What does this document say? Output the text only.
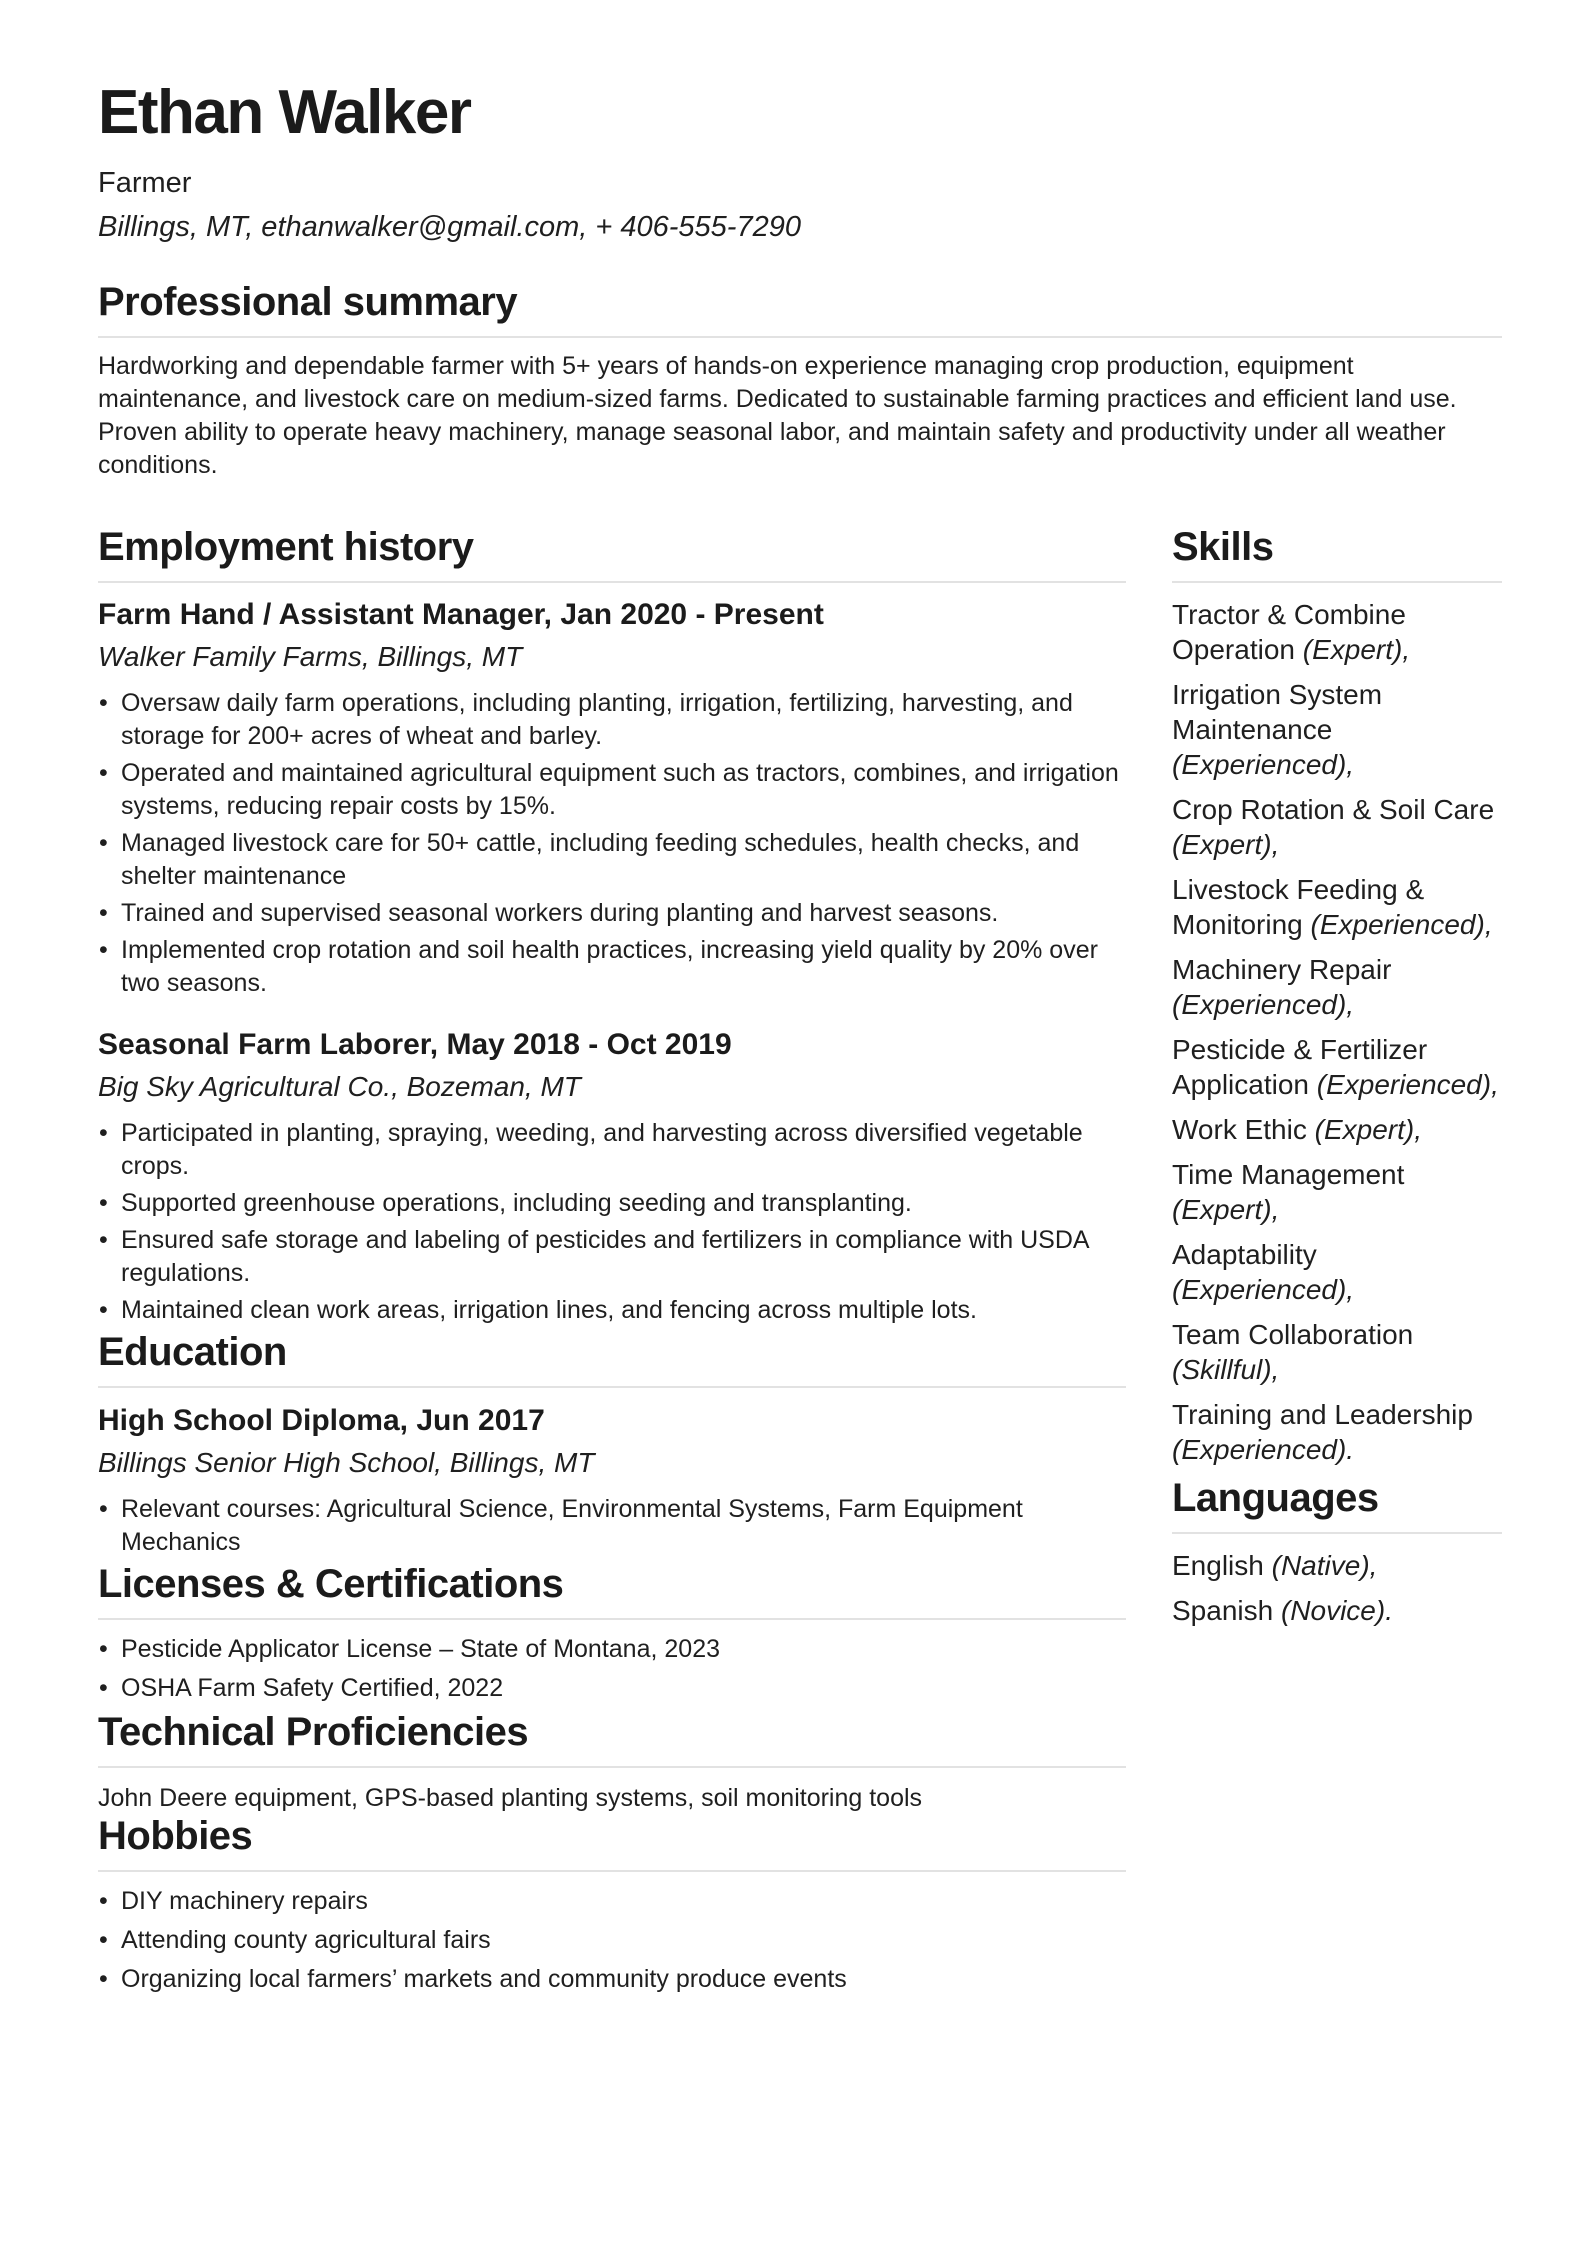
Ethan Walker

Farmer

Billings, MT, ethanwalker@gmail.com, + 406-555-7290

Professional summary

Hardworking and dependable farmer with 5+ years of hands-on experience managing crop production, equipment maintenance, and livestock care on medium-sized farms. Dedicated to sustainable farming practices and efficient land use. Proven ability to operate heavy machinery, manage seasonal labor, and maintain safety and productivity under all weather conditions.

Employment history
Farm Hand / Assistant Manager, Jan 2020 - Present

Walker Family Farms, Billings, MT

• Oversaw daily farm operations, including planting, irrigation, fertilizing, harvesting, and storage for 200+ acres of wheat and barley.
• Operated and maintained agricultural equipment such as tractors, combines, and irrigation systems, reducing repair costs by 15%.
• Managed livestock care for 50+ cattle, including feeding schedules, health checks, and shelter maintenance
• Trained and supervised seasonal workers during planting and harvest seasons.
• Implemented crop rotation and soil health practices, increasing yield quality by 20% over two seasons.
Seasonal Farm Laborer, May 2018 - Oct 2019

Big Sky Agricultural Co., Bozeman, MT

• Participated in planting, spraying, weeding, and harvesting across diversified vegetable crops.
• Supported greenhouse operations, including seeding and transplanting.
• Ensured safe storage and labeling of pesticides and fertilizers in compliance with USDA regulations.
• Maintained clean work areas, irrigation lines, and fencing across multiple lots.
Education
High School Diploma, Jun 2017

Billings Senior High School, Billings, MT

• Relevant courses: Agricultural Science, Environmental Systems, Farm Equipment Mechanics
Licenses & Certifications
• Pesticide Applicator License – State of Montana, 2023
• OSHA Farm Safety Certified, 2022
Technical Proficiencies

John Deere equipment, GPS-based planting systems, soil monitoring tools

Hobbies
• DIY machinery repairs
• Attending county agricultural fairs
• Organizing local farmers’ markets and community produce events
Skills

Tractor & Combine Operation (Expert),

Irrigation System Maintenance (Experienced),

Crop Rotation & Soil Care (Expert),

Livestock Feeding & Monitoring (Experienced),

Machinery Repair (Experienced),

Pesticide & Fertilizer Application (Experienced),

Work Ethic (Expert),

Time Management (Expert),

Adaptability (Experienced),

Team Collaboration (Skillful),

Training and Leadership (Experienced).

Languages

English (Native),

Spanish (Novice).
